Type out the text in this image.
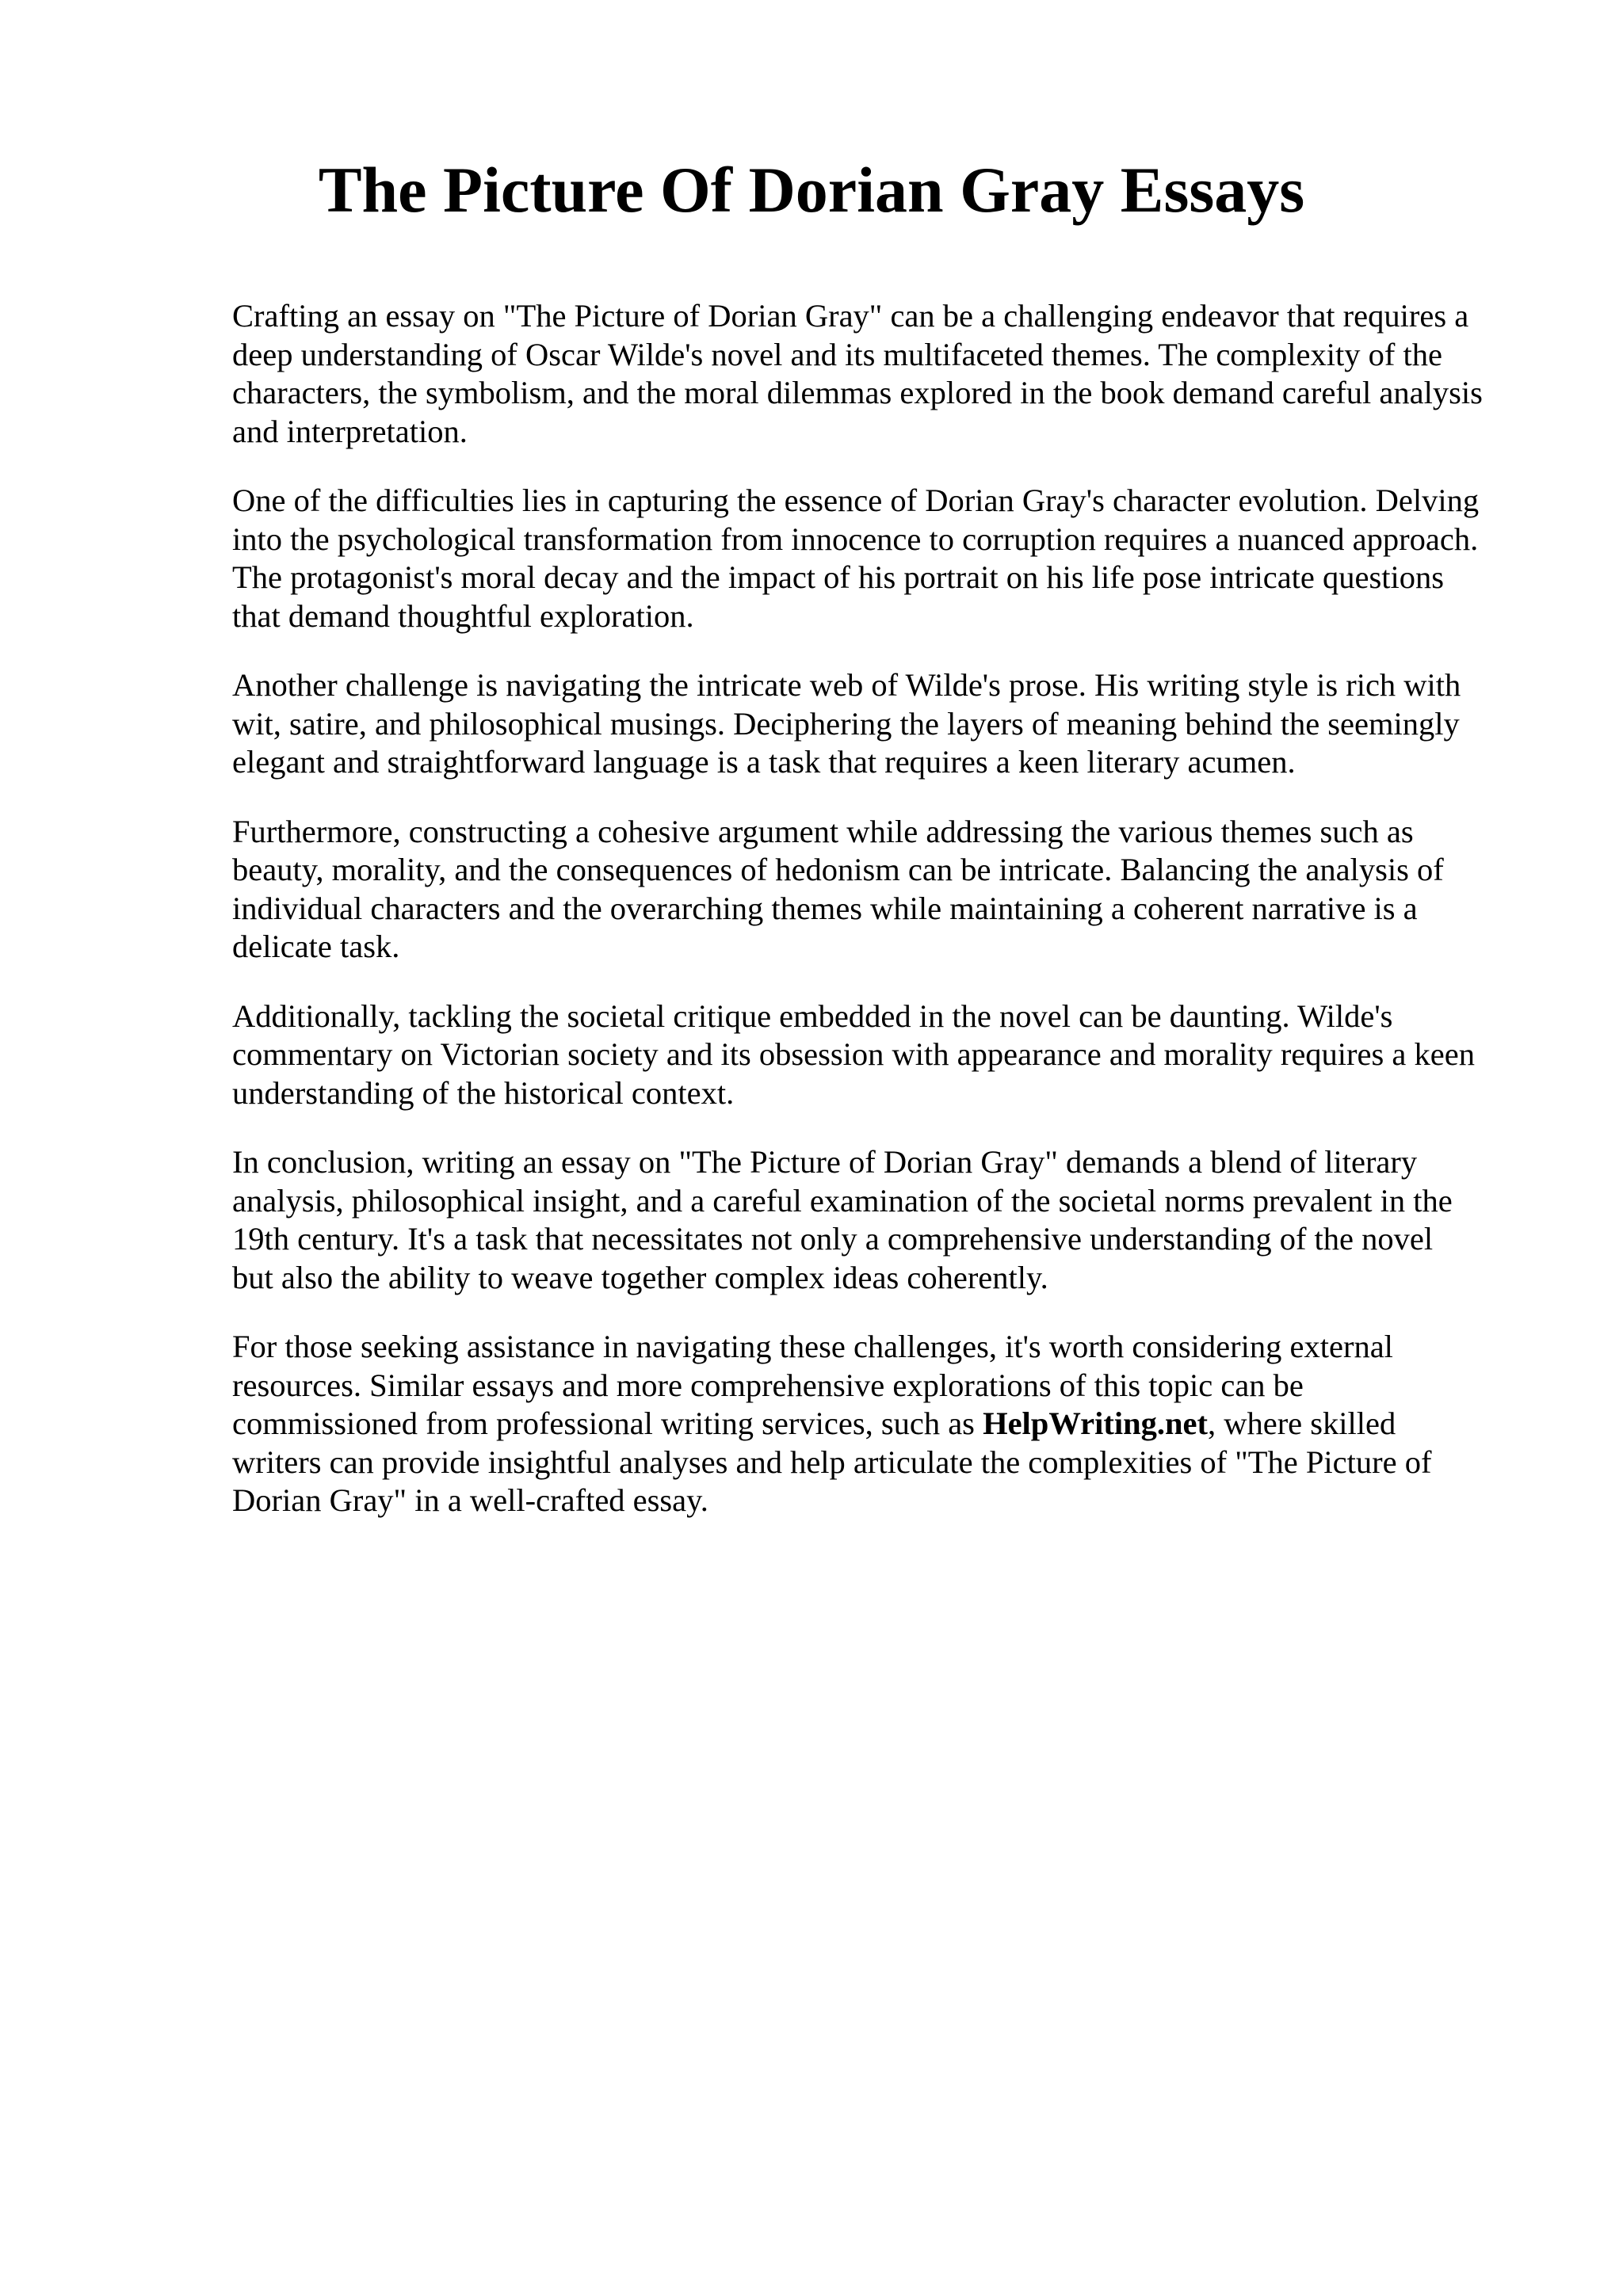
The Picture Of Dorian Gray Essays

Crafting an essay on "The Picture of Dorian Gray" can be a challenging endeavor that requires a
deep understanding of Oscar Wilde's novel and its multifaceted themes. The complexity of the
characters, the symbolism, and the moral dilemmas explored in the book demand careful analysis
and interpretation.

One of the difficulties lies in capturing the essence of Dorian Gray's character evolution. Delving
into the psychological transformation from innocence to corruption requires a nuanced approach.
The protagonist's moral decay and the impact of his portrait on his life pose intricate questions
that demand thoughtful exploration.

Another challenge is navigating the intricate web of Wilde's prose. His writing style is rich with
wit, satire, and philosophical musings. Deciphering the layers of meaning behind the seemingly
elegant and straightforward language is a task that requires a keen literary acumen.

Furthermore, constructing a cohesive argument while addressing the various themes such as
beauty, morality, and the consequences of hedonism can be intricate. Balancing the analysis of
individual characters and the overarching themes while maintaining a coherent narrative is a
delicate task.

Additionally, tackling the societal critique embedded in the novel can be daunting. Wilde's
commentary on Victorian society and its obsession with appearance and morality requires a keen
understanding of the historical context.

In conclusion, writing an essay on "The Picture of Dorian Gray" demands a blend of literary
analysis, philosophical insight, and a careful examination of the societal norms prevalent in the
19th century. It's a task that necessitates not only a comprehensive understanding of the novel
but also the ability to weave together complex ideas coherently.

For those seeking assistance in navigating these challenges, it's worth considering external
resources. Similar essays and more comprehensive explorations of this topic can be
commissioned from professional writing services, such as HelpWriting.net, where skilled
writers can provide insightful analyses and help articulate the complexities of "The Picture of
Dorian Gray" in a well-crafted essay.
